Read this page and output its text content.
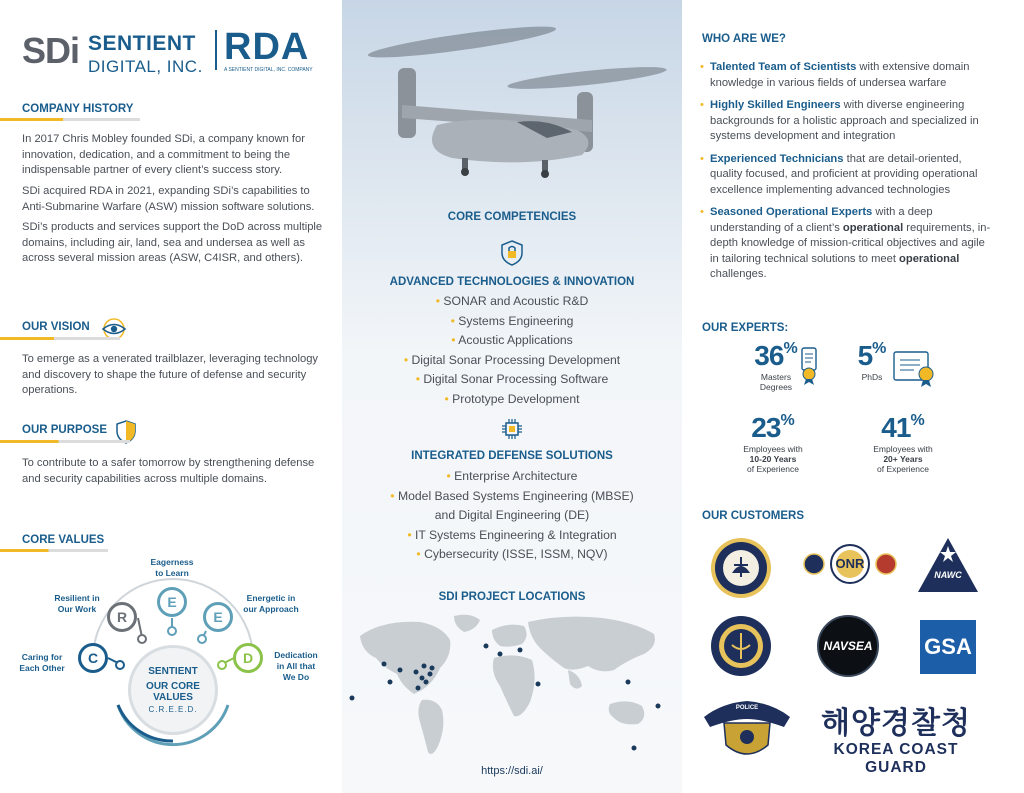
SDi SENTIENT
DIGITAL, INC. RDA
A SENTIENT DIGITAL, INC. COMPANY
COMPANY HISTORY
In 2017 Chris Mobley founded SDi, a company known for innovation, dedication, and a commitment to being the indispensable partner of every client’s success story.
SDi acquired RDA in 2021, expanding SDi’s capabilities to Anti-Submarine Warfare (ASW) mission software solutions.
SDi’s products and services support the DoD across multiple domains, including air, land, sea and undersea as well as across several mission areas (ASW, C4ISR, and others).
OUR VISION
To emerge as a venerated trailblazer, leveraging technology and discovery to shape the future of defense and security operations.
OUR PURPOSE
To contribute to a safer tomorrow by strengthening defense and security capabilities across multiple domains.
CORE VALUES
C
R
E
E
D
Caring for
Each Other
Resilient in
Our Work
Eagerness
to Learn
Energetic in
our Approach
Dedication
in All that We Do
SENTIENT
OUR CORE
VALUES
C.R.E.E.D.
CORE COMPETENCIES
ADVANCED TECHNOLOGIES & INNOVATION
• SONAR and Acoustic R&D
• Systems Engineering
• Acoustic Applications
• Digital Sonar Processing Development
• Digital Sonar Processing Software
• Prototype Development
INTEGRATED DEFENSE SOLUTIONS
• Enterprise Architecture
• Model Based Systems Engineering (MBSE)
and Digital Engineering (DE)
• IT Systems Engineering & Integration
• Cybersecurity (ISSE, ISSM, NQV)
SDI PROJECT LOCATIONS
https://sdi.ai/
WHO ARE WE?
• Talented Team of Scientists with extensive domain knowledge in various fields of undersea warfare
• Highly Skilled Engineers with diverse engineering backgrounds for a holistic approach and specialized in systems development and integration
• Experienced Technicians that are detail-oriented, quality focused, and proficient at providing operational excellence implementing advanced technologies
• Seasoned Operational Experts with a deep understanding of a client’s operational requirements, in-depth knowledge of mission-critical objectives and agile in tailoring technical solutions to meet operational challenges.
OUR EXPERTS:
36%
Masters
Degrees
5%
PhDs
23%
Employees with
10-20 Years
of Experience
41%
Employees with
20+ Years
of Experience
OUR CUSTOMERS
ONR
NAWC
NAVSEA GSA
POLICE	해양경찰청
KOREA COAST GUARD
